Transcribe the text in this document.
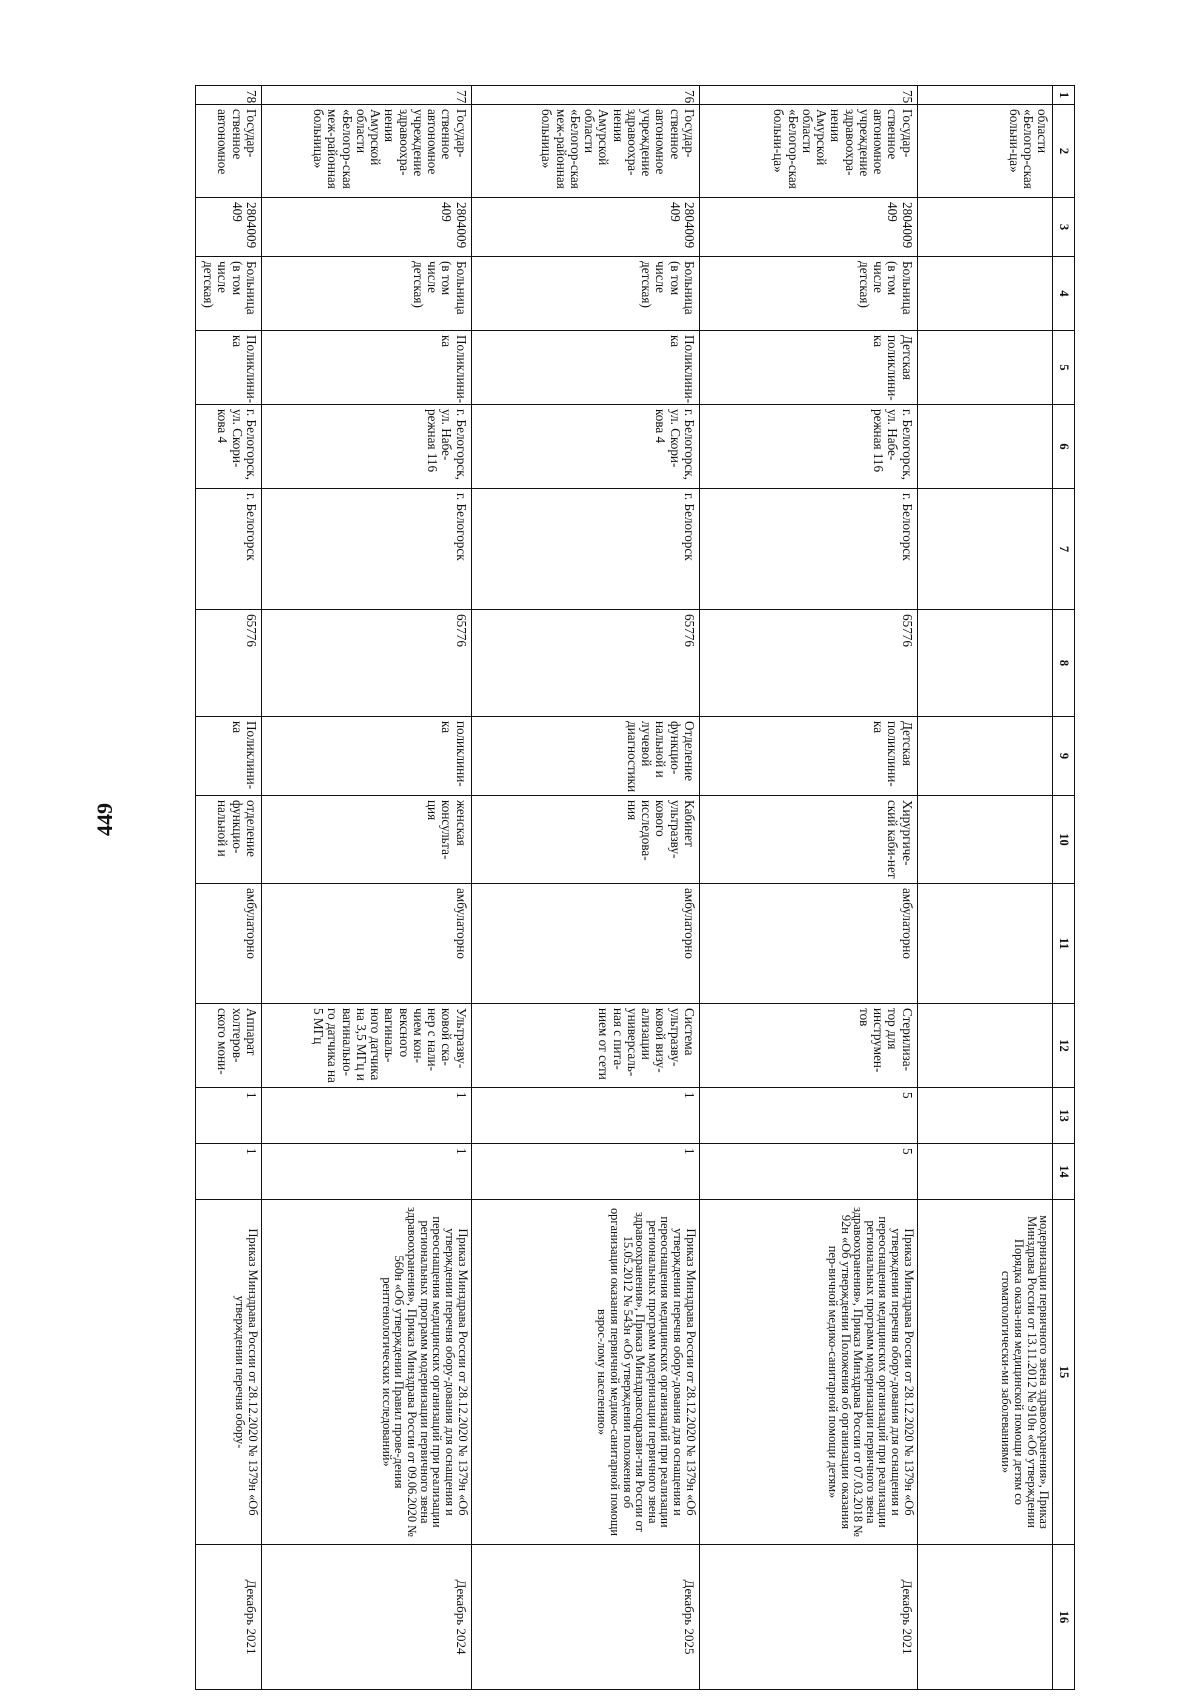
449
1	2	3	4	5	6	7	8	9	10	11	12	13	14	15	16
	области «Белогор-ская больни-ца»													модернизации первичного звена здравоохранения», Приказ Минздрава России от 13.11.2012 № 910н «Об утверждении Порядка оказа-ния медицинской помощи детям со стоматологически-ми заболеваниями»	
75	Государ-ственное автономное учреждение здравоохра-нения Амурской области «Белогор-ская больни-ца»	2804009 409	Больница (в том числе детская)	Детская поликлини-ка	г. Белогорск, ул. Набе-режная 116	г. Белогорск	65776	Детская поликлини-ка	Хирургиче-ский каби-нет	амбулаторно	Стерилиза-тор для инструмен-тов	5	5	Приказ Минздрава России от 28.12.2020 № 1379н «Об утверждении перечня обору-дования для оснащения и переоснащения медицинских организаций при реализации региональных программ модернизации первичного звена здравоохранения», Приказ Минздрава России от 07.03.2018 № 92н «Об утверждении Положения об организации оказания пер-вичной медико-санитарной помощи детям»	Декабрь 2021
76	Государ-ственное автономное учреждение здравоохра-нения Амурской области «Белогор-ская меж-районная больница»	2804009 409	Больница (в том числе детская)	Поликлини-ка	г. Белогорск, ул. Скори-кова 4	г. Белогорск	65776	Отделение функцио-нальной и лучевой диагностики	Кабинет ультразву-кового исследова-ния	амбулаторно	Система ультразву-ковой визу-ализации универсаль-ная с пита-нием от сети	1	1	Приказ Минздрава России от 28.12.2020 № 1379н «Об утверждении перечня обору-дования для оснащения и переоснащения медицинских организаций при реализации региональных программ модернизации первичного звена здравоохранения», Приказ Минздравсоцразви-тия России от 15.05.2012 № 543н «Об утверждении положения об организации оказания первичной медико-санитарной помощи взрос-лому населению»	Декабрь 2025
77	Государ-ственное автономное учреждение здравоохра-нения Амурской области «Белогор-ская меж-районная больница»	2804009 409	Больница (в том числе детская)	Поликлини-ка	г. Белогорск, ул. Набе-режная 116	г. Белогорск	65776	поликлини-ка	женская консульта-ция	амбулаторно	Ультразву-ковой ска-нер с нали-чием кон-вексного вагиналь-ного датчика на 3,5 МГц и вагинально-го датчика на 5 МГц	1	1	Приказ Минздрава России от 28.12.2020 № 1379н «Об утверждении перечня обору-дования для оснащения и переоснащения медицинских организаций при реализации региональных программ модернизации первичного звена здравоохранения», Приказ Минздрава России от 09.06.2020 № 560н «Об утверждении Правил прове-дения рентгенологических исследований»	Декабрь 2024
78	Государ-ственное автономное	2804009 409	Больница (в том числе детская)	Поликлини-ка	г. Белогорск, ул. Скори-кова 4	г. Белогорск	65776	Поликлини-ка	отделение функцио-нальной и	амбулаторно	Аппарат холтеров-ского мони-	1	1	Приказ Минздрава России от 28.12.2020 № 1379н «Об утверждении перечня обору-	Декабрь 2021
